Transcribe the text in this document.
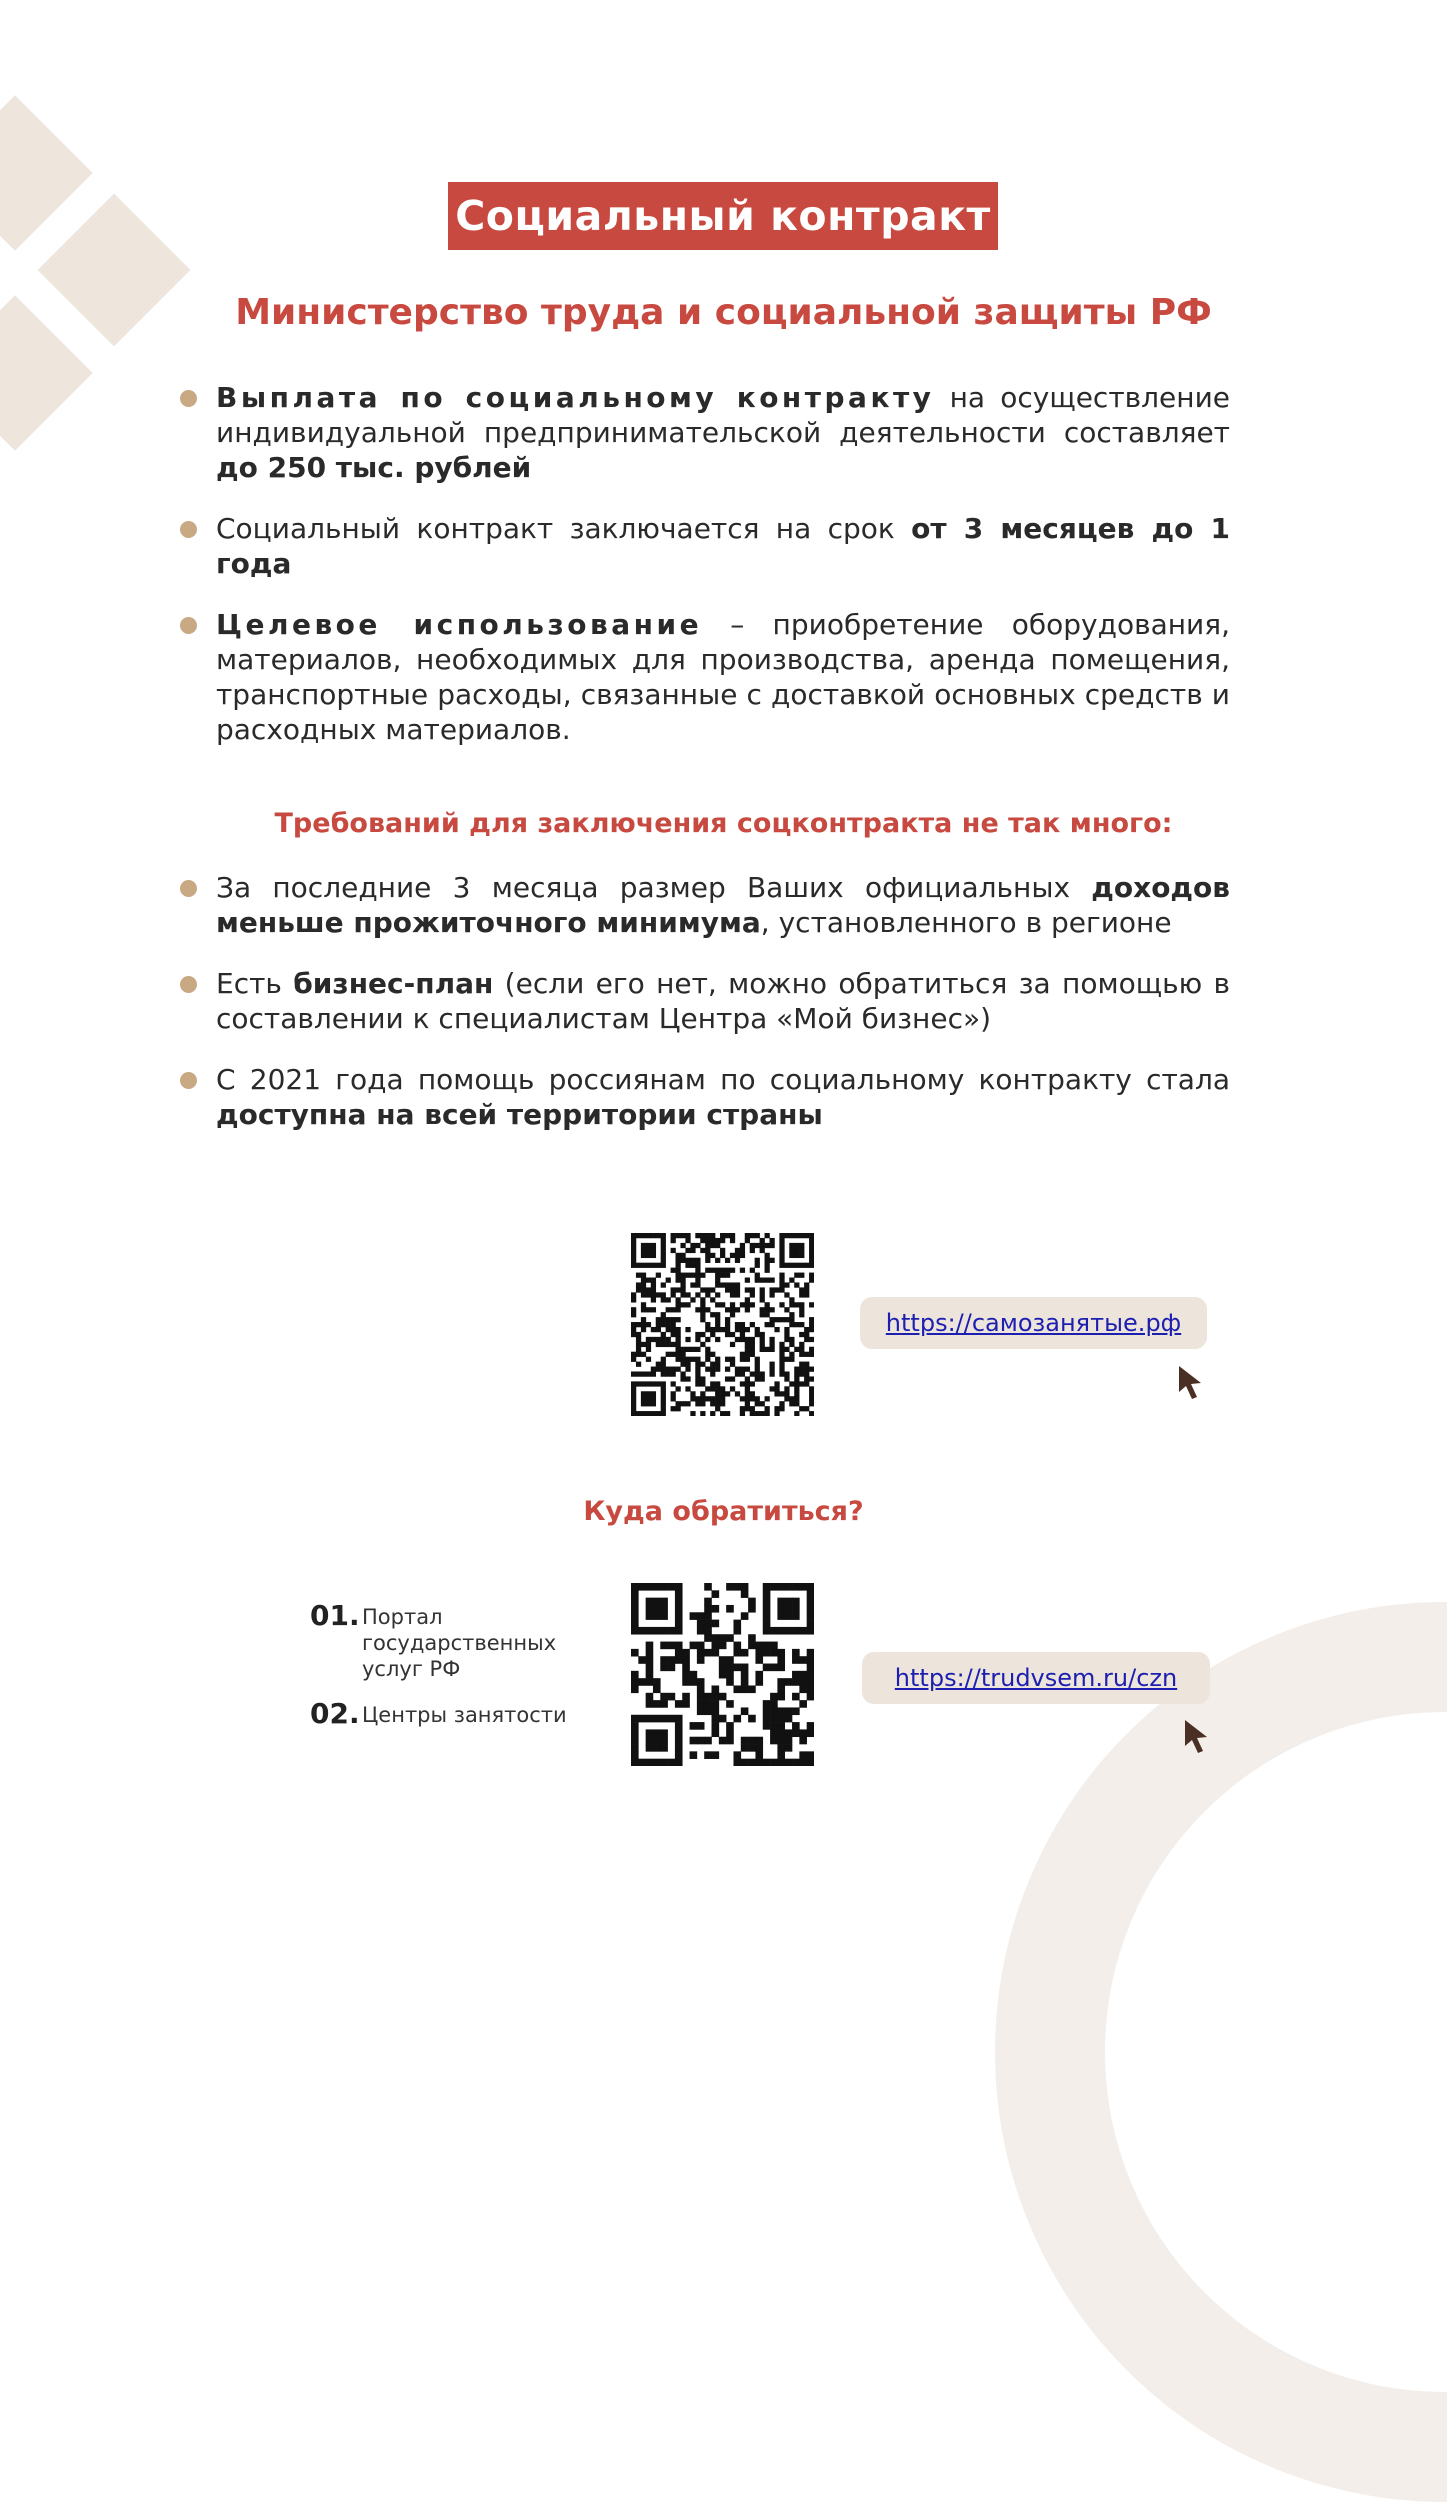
Социальный контракт
Министерство труда и социальной защиты РФ
Выплата по социальному контракту на осуществление индивидуальной предпринимательской деятельности составляет до 250 тыс. рублей
Социальный контракт заключается на срок от 3 месяцев до 1 года
Целевое использование – приобретение оборудования, материалов, необходимых для производства, аренда помещения, транспортные расходы, связанные с доставкой основных средств и расходных материалов.
Требований для заключения соцконтракта не так много:
За последние 3 месяца размер Ваших официальных доходов меньше прожиточного минимума, установленного в регионе
Есть бизнес-план (если его нет, можно обратиться за помощью в составлении к специалистам Центра «Мой бизнес»)
С 2021 года помощь россиянам по социальному контракту стала доступна на всей территории страны
https://самозанятые.рф
Куда обратиться?
01. Портал государственных услуг РФ
02. Центры занятости
https://trudvsem.ru/czn
